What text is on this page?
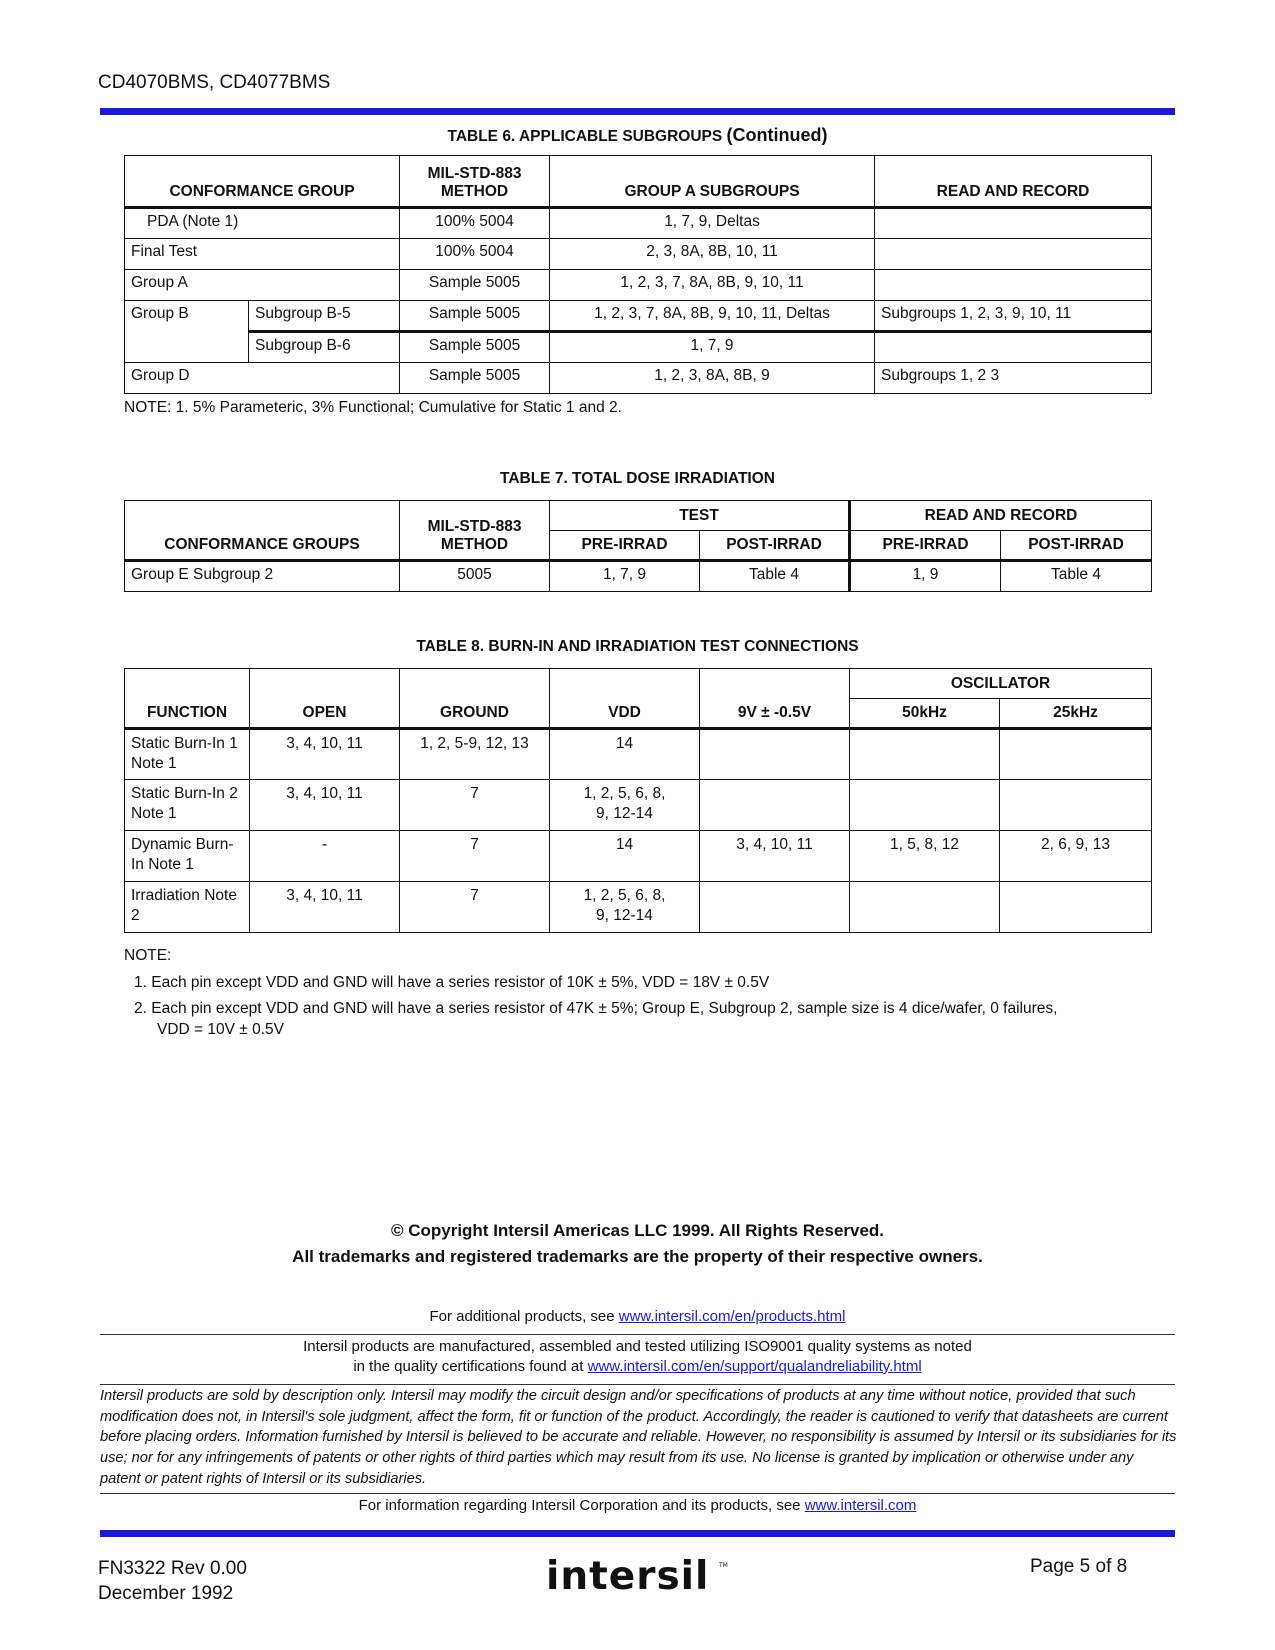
CD4070BMS, CD4077BMS
TABLE 6. APPLICABLE SUBGROUPS (Continued)
CONFORMANCE GROUP		MIL-STD-883
METHOD	GROUP A SUBGROUPS	READ AND RECORD
PDA (Note 1)		100% 5004	1, 7, 9, Deltas	
Final Test		100% 5004	2, 3, 8A, 8B, 10, 11	
Group A		Sample 5005	1, 2, 3, 7, 8A, 8B, 9, 10, 11	
Group B	Subgroup B-5	Sample 5005	1, 2, 3, 7, 8A, 8B, 9, 10, 11, Deltas	Subgroups 1, 2, 3, 9, 10, 11
	Subgroup B-6	Sample 5005	1, 7, 9	
Group D		Sample 5005	1, 2, 3, 8A, 8B, 9	Subgroups 1, 2 3
NOTE: 1. 5% Parameteric, 3% Functional; Cumulative for Static 1 and 2.
TABLE 7. TOTAL DOSE IRRADIATION
CONFORMANCE GROUPS	MIL-STD-883
METHOD	TEST		READ AND RECORD	
		PRE-IRRAD	POST-IRRAD	PRE-IRRAD	POST-IRRAD
Group E Subgroup 2	5005	1, 7, 9	Table 4	1, 9	Table 4
TABLE 8. BURN-IN AND IRRADIATION TEST CONNECTIONS
FUNCTION	OPEN	GROUND	VDD	9V ± -0.5V	OSCILLATOR	
					50kHz	25kHz
Static Burn-In 1 Note 1	3, 4, 10, 11	1, 2, 5-9, 12, 13	14			
Static Burn-In 2 Note 1	3, 4, 10, 11	7	1, 2, 5, 6, 8, 9, 12-14			
Dynamic Burn-In Note 1	-	7	14	3, 4, 10, 11	1, 5, 8, 12	2, 6, 9, 13
Irradiation Note 2	3, 4, 10, 11	7	1, 2, 5, 6, 8, 9, 12-14			
NOTE:
1. Each pin except VDD and GND will have a series resistor of 10K ± 5%, VDD = 18V ± 0.5V
2. Each pin except VDD and GND will have a series resistor of 47K ± 5%; Group E, Subgroup 2, sample size is 4 dice/wafer, 0 failures,
VDD = 10V ± 0.5V
© Copyright Intersil Americas LLC 1999. All Rights Reserved.
All trademarks and registered trademarks are the property of their respective owners.
For additional products, see www.intersil.com/en/products.html
Intersil products are manufactured, assembled and tested utilizing ISO9001 quality systems as noted
in the quality certifications found at www.intersil.com/en/support/qualandreliability.html
Intersil products are sold by description only. Intersil may modify the circuit design and/or specifications of products at any time without notice, provided that such modification does not, in Intersil's sole judgment, affect the form, fit or function of the product. Accordingly, the reader is cautioned to verify that datasheets are current before placing orders. Information furnished by Intersil is believed to be accurate and reliable. However, no responsibility is assumed by Intersil or its subsidiaries for its use; nor for any infringements of patents or other rights of third parties which may result from its use. No license is granted by implication or otherwise under any patent or patent rights of Intersil or its subsidiaries.
For information regarding Intersil Corporation and its products, see www.intersil.com
FN3322 Rev 0.00
December 1992	intersil TM	Page 5 of 8
